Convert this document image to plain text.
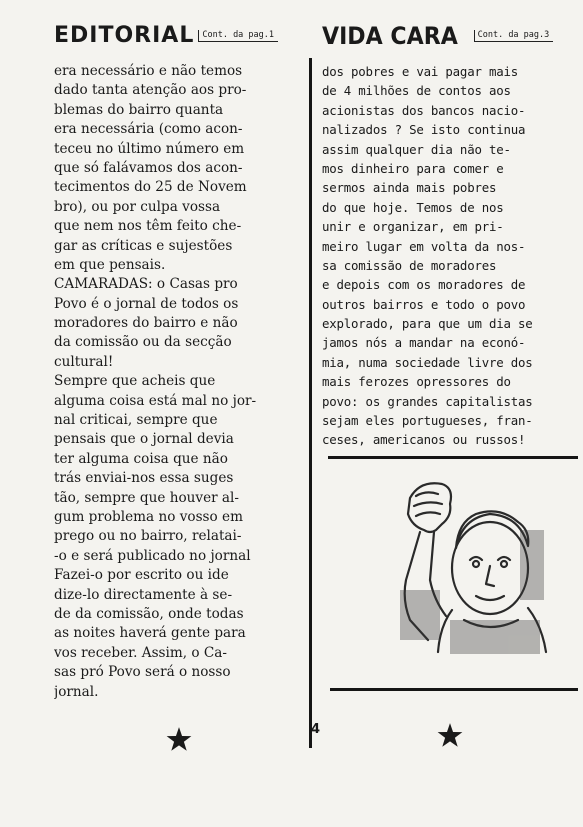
EDITORIAL Cont. da pag.1
era necessário e não temos
dado tanta atenção aos pro-
blemas do bairro quanta
era necessária (como acon-
teceu no último número em
que só falávamos dos acon-
tecimentos do 25 de Novem
bro), ou por culpa vossa
que nem nos têm feito che-
gar as críticas e sujestões
em que pensais.
CAMARADAS: o Casas pro
Povo é o jornal de todos os
moradores do bairro e não
da comissão ou da secção
cultural!
Sempre que acheis que
alguma coisa está mal no jor-
nal criticai, sempre que
pensais que o jornal devia
ter alguma coisa que não
trás enviai-nos essa suges
tão, sempre que houver al-
gum problema no vosso em
prego ou no bairro, relatai-
-o e será publicado no jornal
Fazei-o por escrito ou ide
dize-lo directamente à se-
de da comissão, onde todas
as noites haverá gente para
vos receber. Assim, o Ca-
sas pró Povo será o nosso
jornal.
VIDA CARA	Cont. da pag.3
dos pobres e vai pagar mais
de 4 milhões de contos aos
acionistas dos bancos nacio-
nalizados ? Se isto continua
assim qualquer dia não te-
mos dinheiro para comer e
sermos ainda mais pobres
do que hoje. Temos de nos
unir e organizar, em pri-
meiro lugar em volta da nos-
sa comissão de moradores
e depois com os moradores de
outros bairros e todo o povo
explorado, para que um dia se
jamos nós a mandar na econó-
mia, numa sociedade livre dos
mais ferozes opressores do
povo: os grandes capitalistas
sejam eles portugueses, fran-
ceses, americanos ou russos!
4
